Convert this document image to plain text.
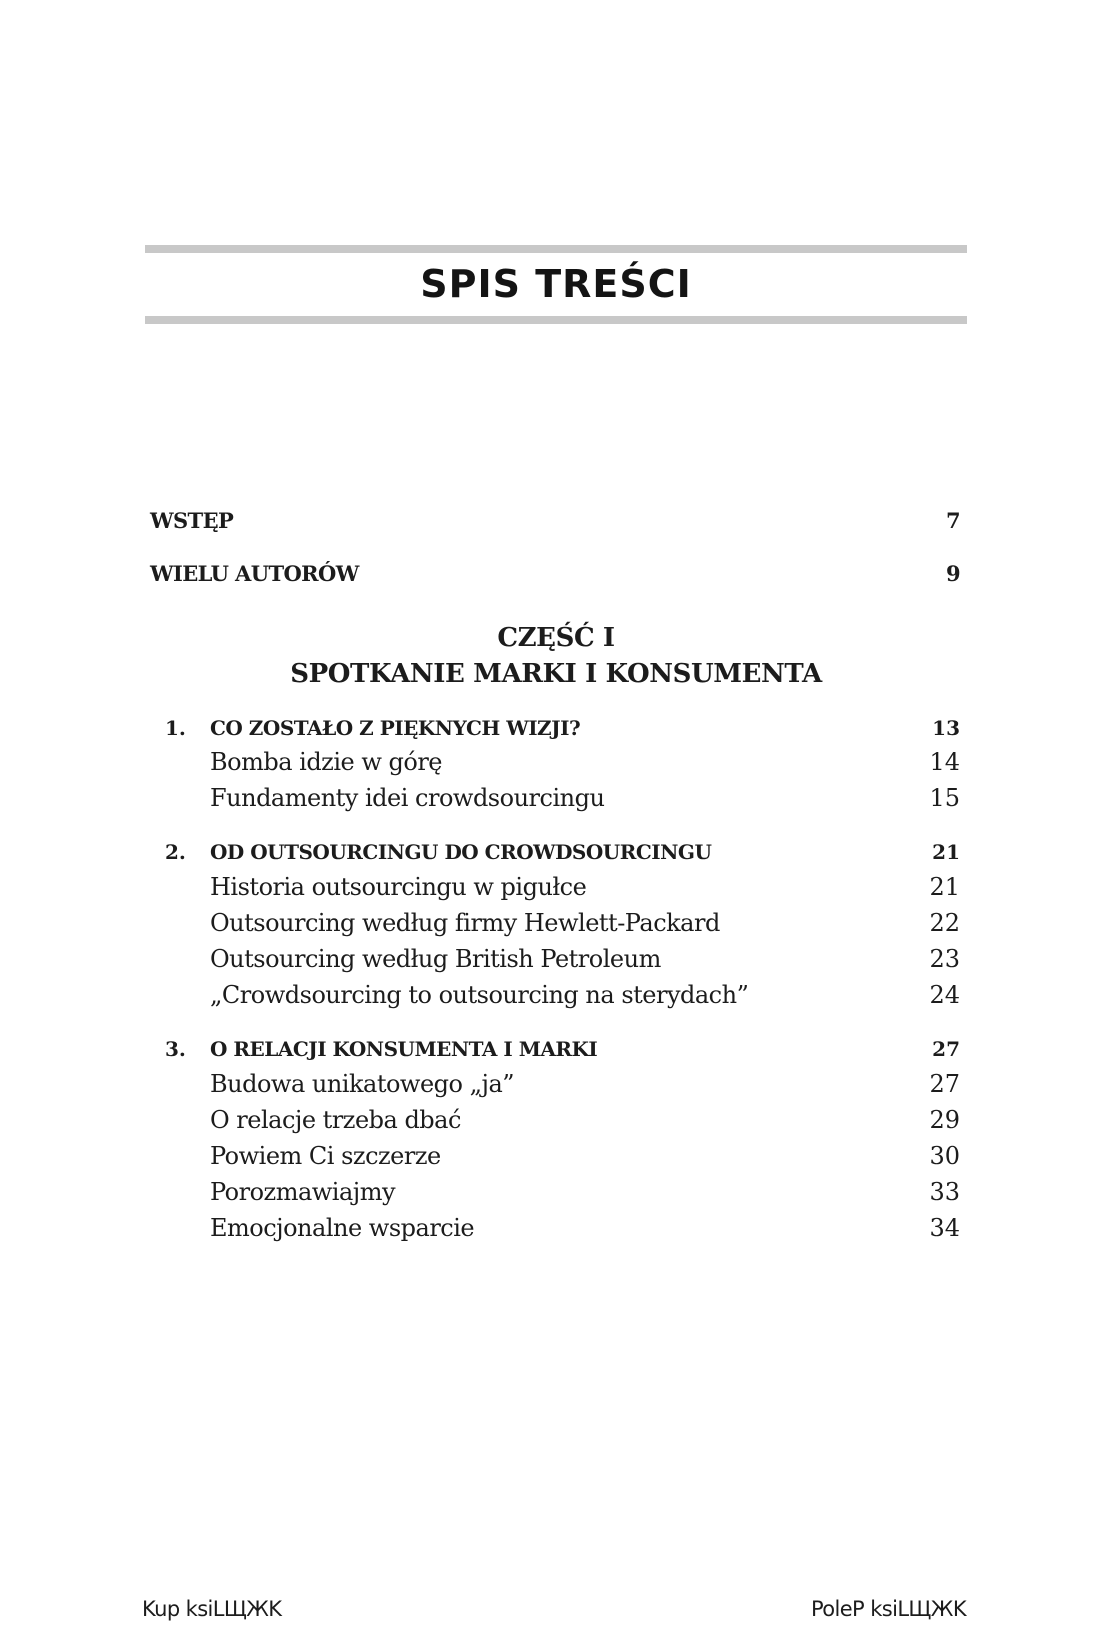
SPIS TREŚCI
WSTĘP	7
WIELU AUTORÓW	9
CZĘŚĆ I
SPOTKANIE MARKI I KONSUMENTA
1. CO ZOSTAŁO Z PIĘKNYCH WIZJI?	13
Bomba idzie w górę	14
Fundamenty idei crowdsourcingu	15
2. OD OUTSOURCINGU DO CROWDSOURCINGU	21
Historia outsourcingu w pigułce	21
Outsourcing według firmy Hewlett-Packard	22
Outsourcing według British Petroleum	23
„Crowdsourcing to outsourcing na sterydach”	24
3. O RELACJI KONSUMENTA I MARKI	27
Budowa unikatowego „ja”	27
O relacje trzeba dbać	29
Powiem Ci szczerze	30
Porozmawiajmy	33
Emocjonalne wsparcie	34
Kup ksiLЩЖK	PoleP ksiLЩЖK
